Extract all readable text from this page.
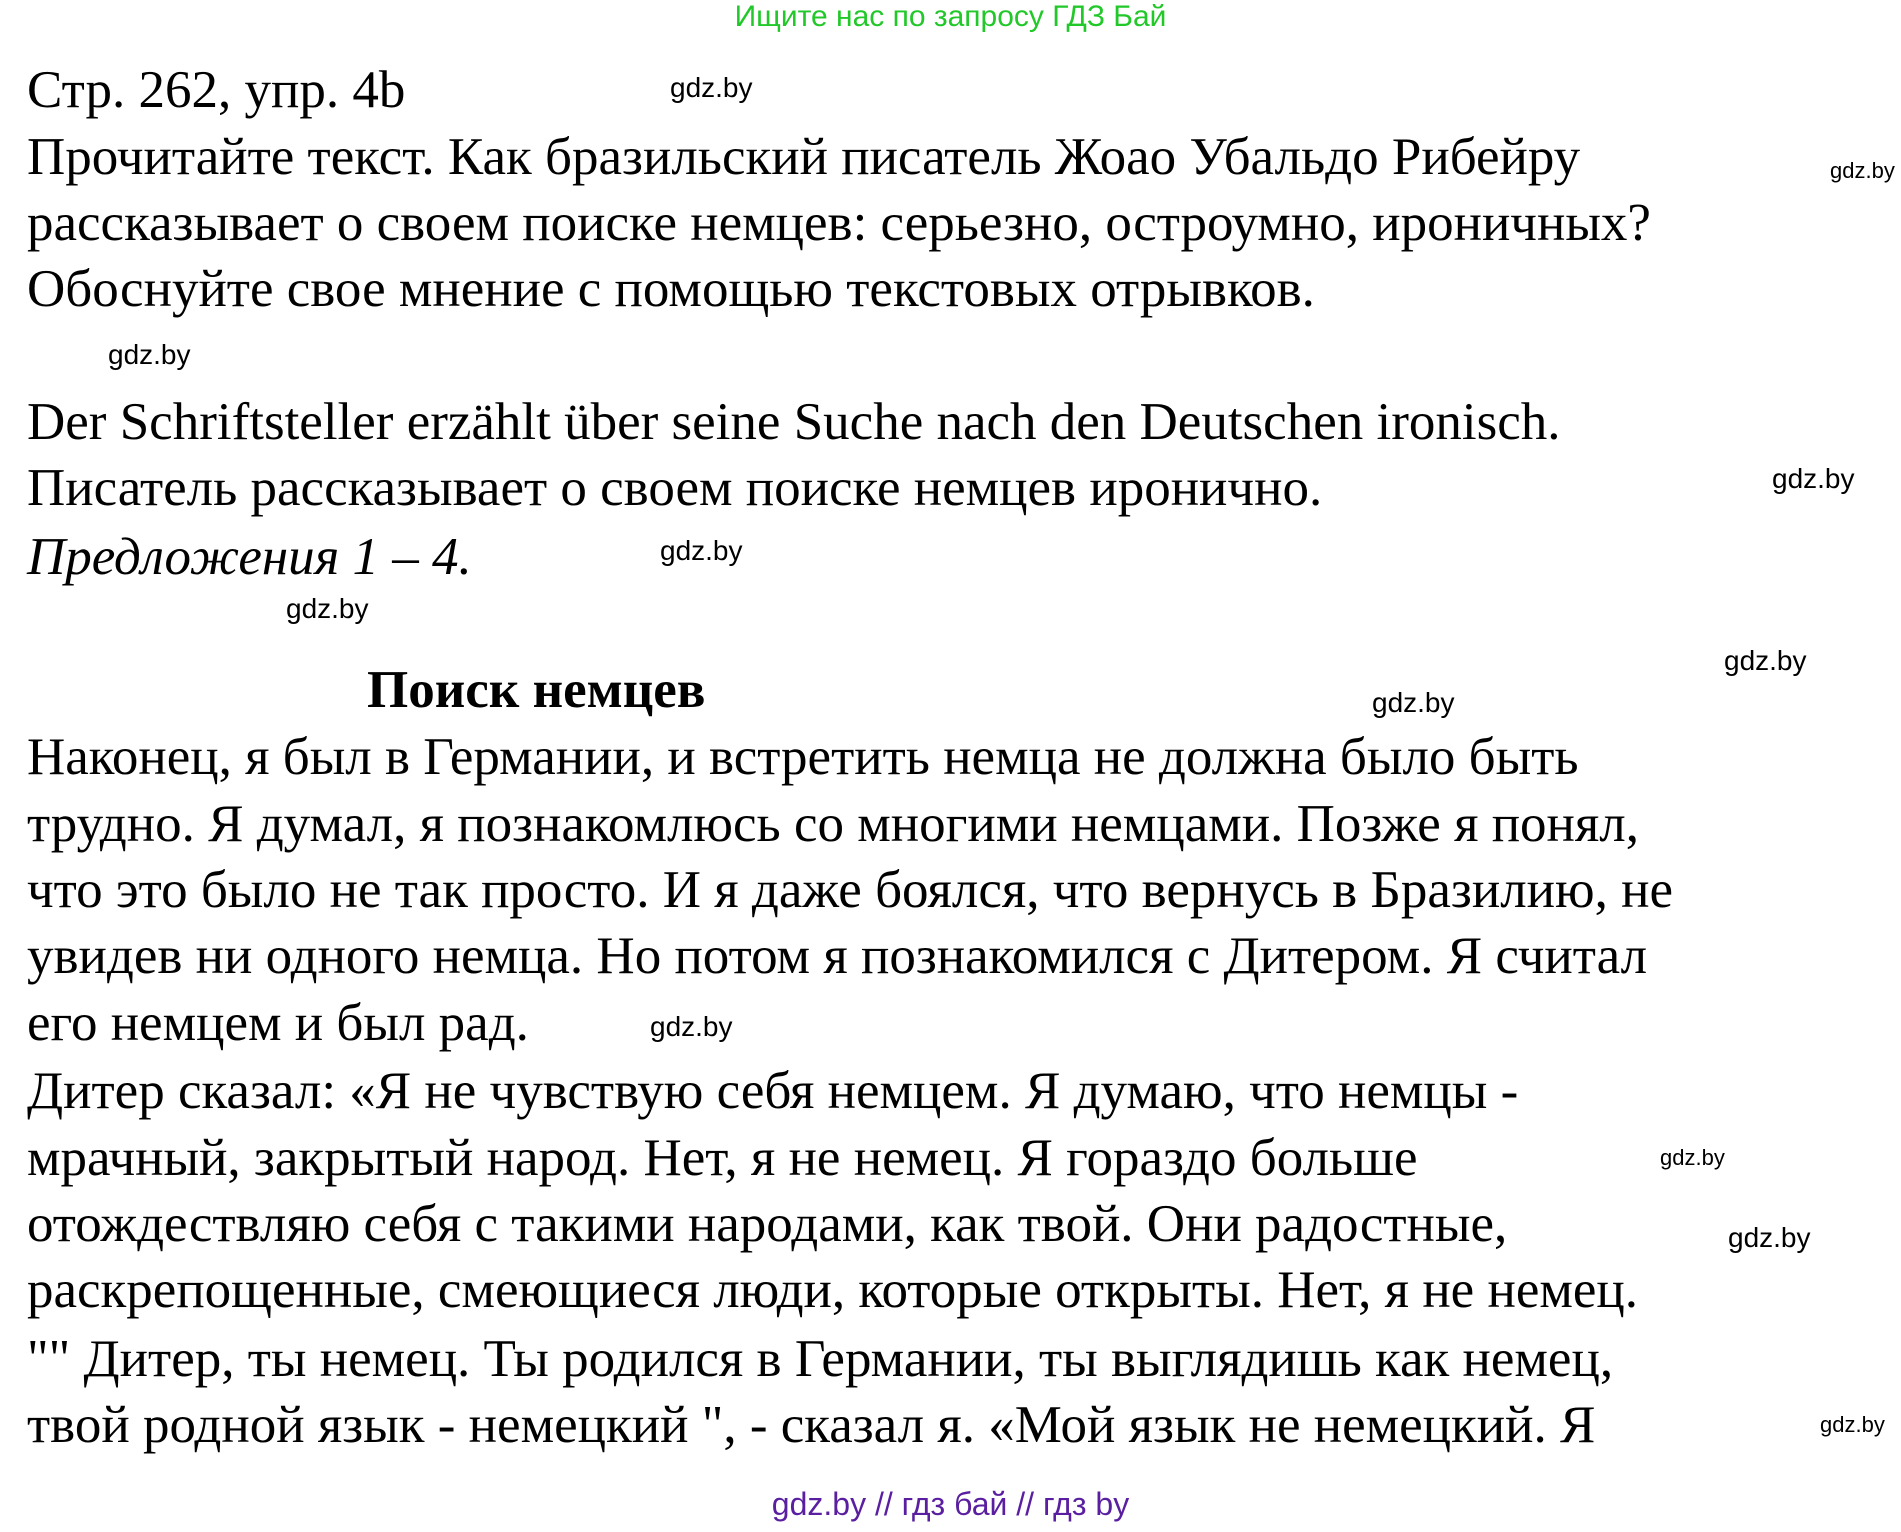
Ищите нас по запросу ГДЗ Бай
Стр. 262, упр. 4b
Прочитайте текст. Как бразильский писатель Жоао Убальдо Рибейру
рассказывает о своем поиске немцев: серьезно, остроумно, ироничных?
Обоснуйте свое мнение с помощью текстовых отрывков.
Der Schriftsteller erzählt über seine Suche nach den Deutschen ironisch.
Писатель рассказывает о своем поиске немцев иронично.
Предложения 1 – 4.
Поиск немцев
Наконец, я был в Германии, и встретить немца не должна было быть
трудно. Я думал, я познакомлюсь со многими немцами. Позже я понял,
что это было не так просто. И я даже боялся, что вернусь в Бразилию, не
увидев ни одного немца. Но потом я познакомился с Дитером. Я считал
его немцем и был рад.
Дитер сказал: «Я не чувствую себя немцем. Я думаю, что немцы -
мрачный, закрытый народ. Нет, я не немец. Я гораздо больше
отождествляю себя с такими народами, как твой. Они радостные,
раскрепощенные, смеющиеся люди, которые открыты. Нет, я не немец.
"" Дитер, ты немец. Ты родился в Германии, ты выглядишь как немец,
твой родной язык - немецкий ", - сказал я. «Мой язык не немецкий. Я
gdz.by
gdz.by
gdz.by
gdz.by
gdz.by
gdz.by
gdz.by
gdz.by
gdz.by
gdz.by
gdz.by
gdz.by
gdz.by // гдз бай // гдз by
